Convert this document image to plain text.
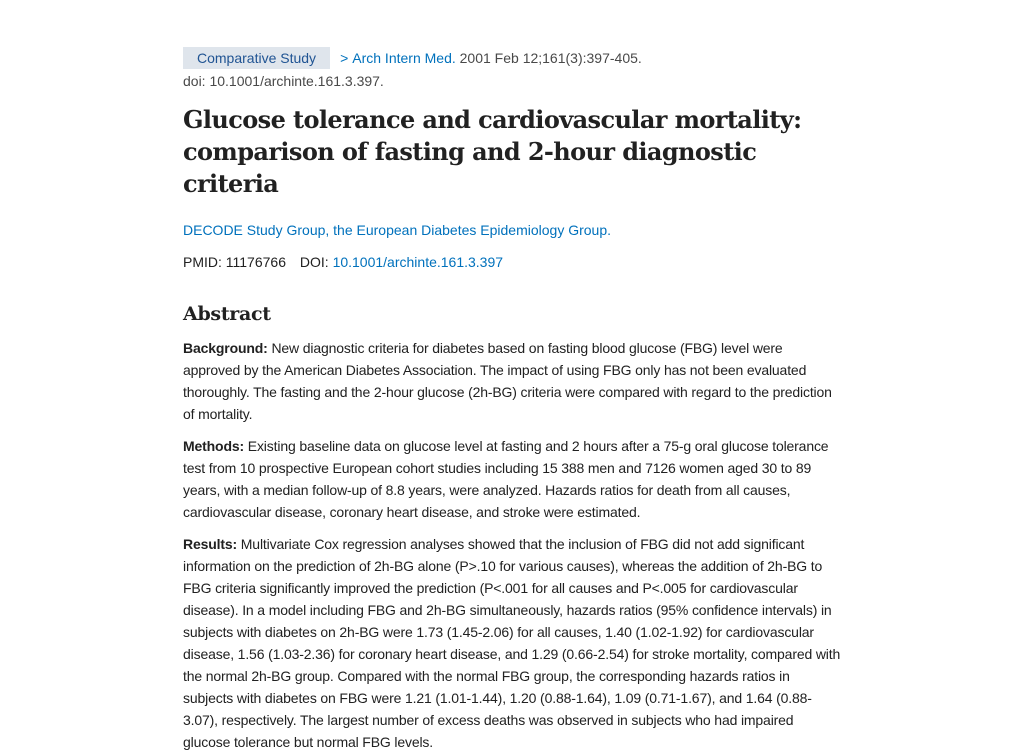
Comparative Study > Arch Intern Med. 2001 Feb 12;161(3):397-405.
doi: 10.1001/archinte.161.3.397.
Glucose tolerance and cardiovascular mortality: comparison of fasting and 2-hour diagnostic criteria
DECODE Study Group, the European Diabetes Epidemiology Group.
PMID: 11176766 DOI: 10.1001/archinte.161.3.397
Abstract
Background: New diagnostic criteria for diabetes based on fasting blood glucose (FBG) level were approved by the American Diabetes Association. The impact of using FBG only has not been evaluated thoroughly. The fasting and the 2-hour glucose (2h-BG) criteria were compared with regard to the prediction of mortality.
Methods: Existing baseline data on glucose level at fasting and 2 hours after a 75-g oral glucose tolerance test from 10 prospective European cohort studies including 15 388 men and 7126 women aged 30 to 89 years, with a median follow-up of 8.8 years, were analyzed. Hazards ratios for death from all causes, cardiovascular disease, coronary heart disease, and stroke were estimated.
Results: Multivariate Cox regression analyses showed that the inclusion of FBG did not add significant information on the prediction of 2h-BG alone (P>.10 for various causes), whereas the addition of 2h-BG to FBG criteria significantly improved the prediction (P<.001 for all causes and P<.005 for cardiovascular disease). In a model including FBG and 2h-BG simultaneously, hazards ratios (95% confidence intervals) in subjects with diabetes on 2h-BG were 1.73 (1.45-2.06) for all causes, 1.40 (1.02-1.92) for cardiovascular disease, 1.56 (1.03-2.36) for coronary heart disease, and 1.29 (0.66-2.54) for stroke mortality, compared with the normal 2h-BG group. Compared with the normal FBG group, the corresponding hazards ratios in subjects with diabetes on FBG were 1.21 (1.01-1.44), 1.20 (0.88-1.64), 1.09 (0.71-1.67), and 1.64 (0.88-3.07), respectively. The largest number of excess deaths was observed in subjects who had impaired glucose tolerance but normal FBG levels.
